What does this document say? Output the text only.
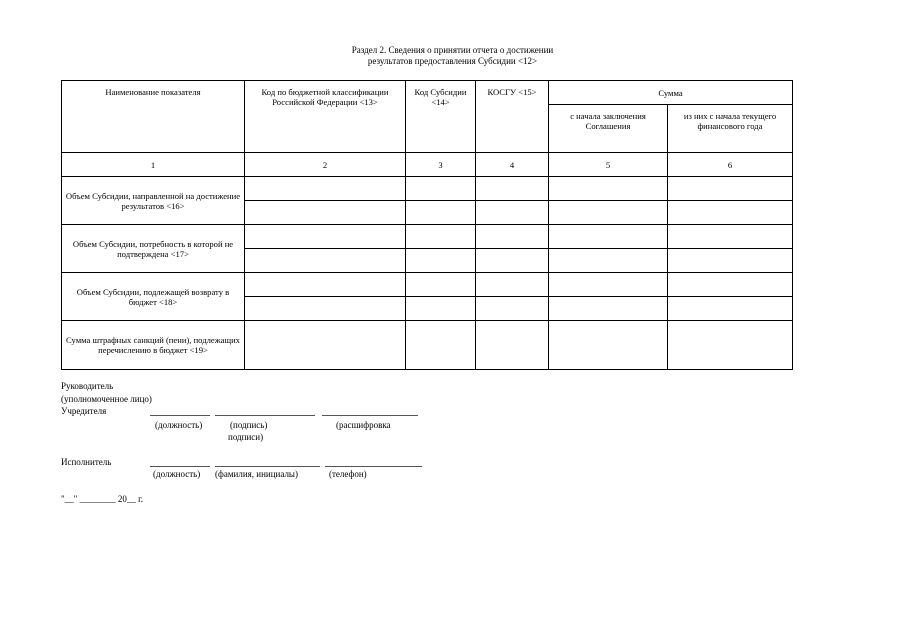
Раздел 2. Сведения о принятии отчета о достижении
результатов предоставления Субсидии <12>
Наименование показателя	Код по бюджетной классификации Российской Федерации <13>	Код Субсидии <14>	КОСГУ <15>	Сумма	
				с начала заключения Соглашения	из них с начала текущего финансового года
1	2	3	4	5	6
Объем Субсидии, направленной на достижение результатов <16>					

Объем Субсидии, потребность в которой не подтверждена <17>					

Объем Субсидии, подлежащей возврату в бюджет <18>					

Сумма штрафных санкций (пени), подлежащих перечислению в бюджет <19>					
Руководитель
(уполномоченное лицо)
Учредителя
(должность)	(подпись)
подписи)
(расшифровка
Исполнитель
(должность) (фамилия, инициалы)	(телефон)
"__" ________ 20__ г.
